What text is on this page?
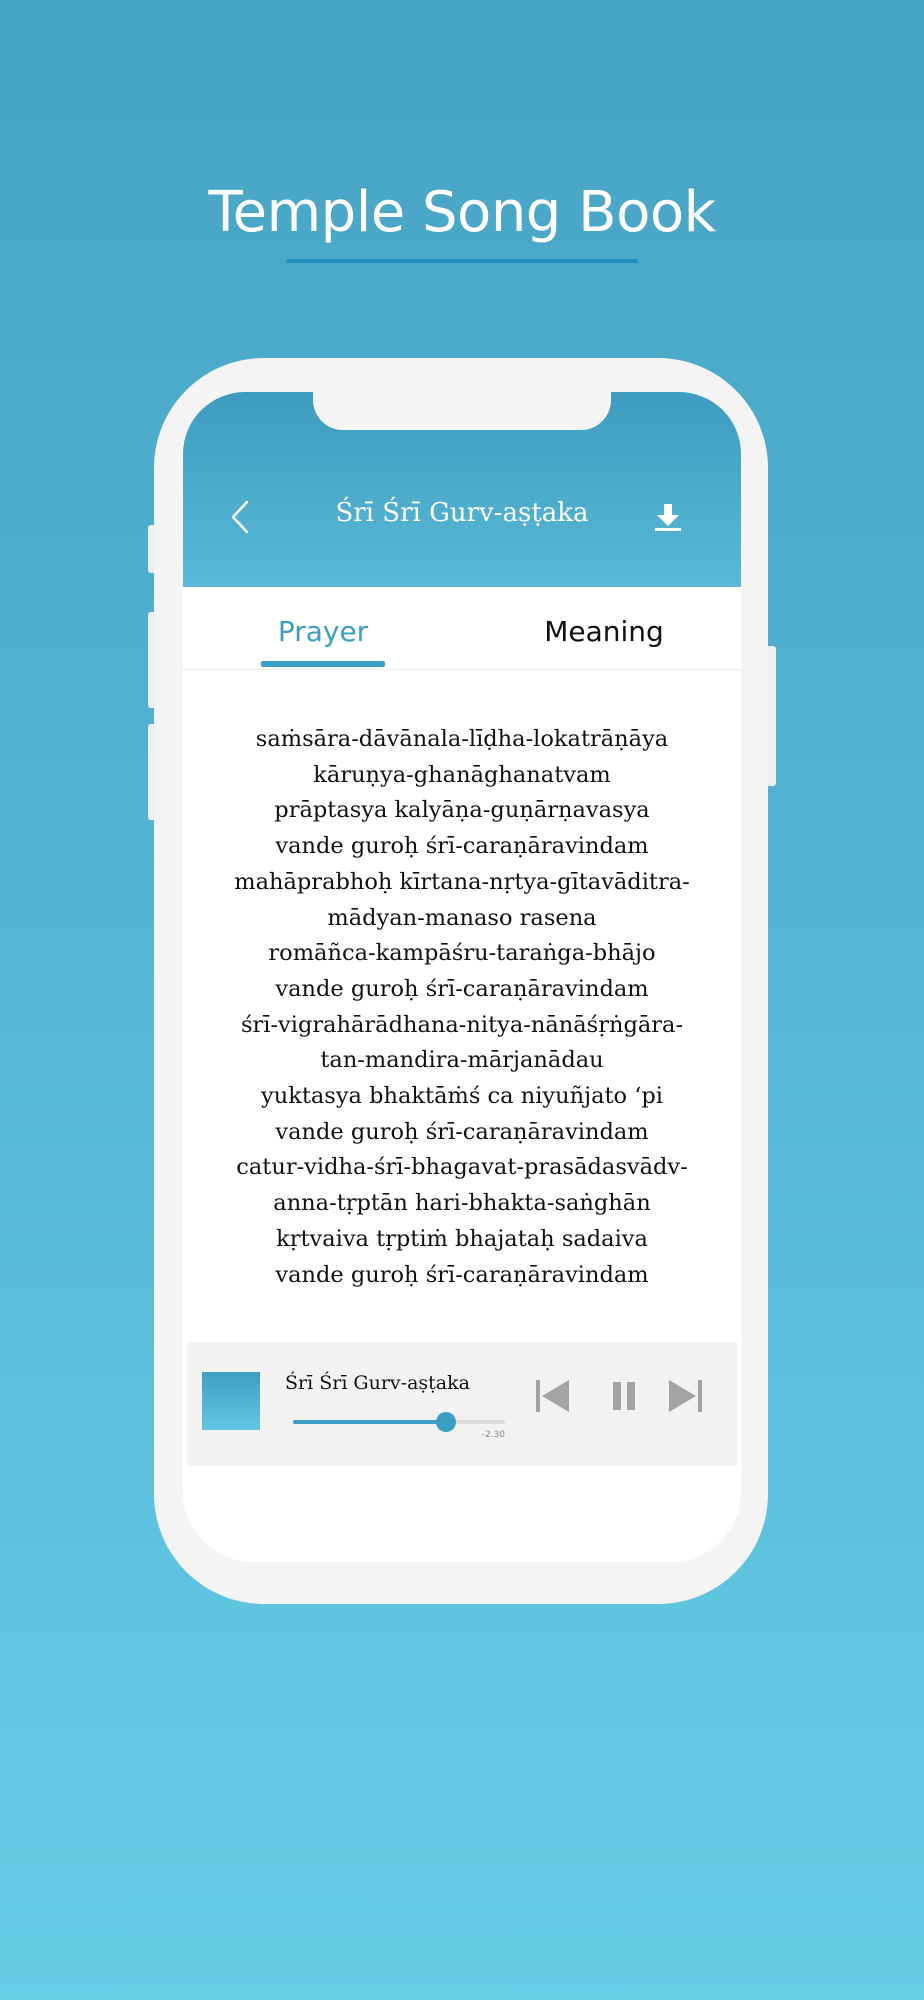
Temple Song Book
Śrī Śrī Gurv-aṣṭaka
Prayer	Meaning
saṁsāra-dāvānala-līḍha-lokatrāṇāya
kāruṇya-ghanāghanatvam
prāptasya kalyāṇa-guṇārṇavasya
vande guroḥ śrī-caraṇāravindam
mahāprabhoḥ kīrtana-nṛtya-gītavāditra-
mādyan-manaso rasena
romāñca-kampāśru-taraṅga-bhājo
vande guroḥ śrī-caraṇāravindam
śrī-vigrahārādhana-nitya-nānāśṛṅgāra-
tan-mandira-mārjanādau
yuktasya bhaktāṁś ca niyuñjato ‘pi
vande guroḥ śrī-caraṇāravindam
catur-vidha-śrī-bhagavat-prasādasvādv-
anna-tṛptān hari-bhakta-saṅghān
kṛtvaiva tṛptiṁ bhajataḥ sadaiva
vande guroḥ śrī-caraṇāravindam
Śrī Śrī Gurv-aṣṭaka
-2.30
